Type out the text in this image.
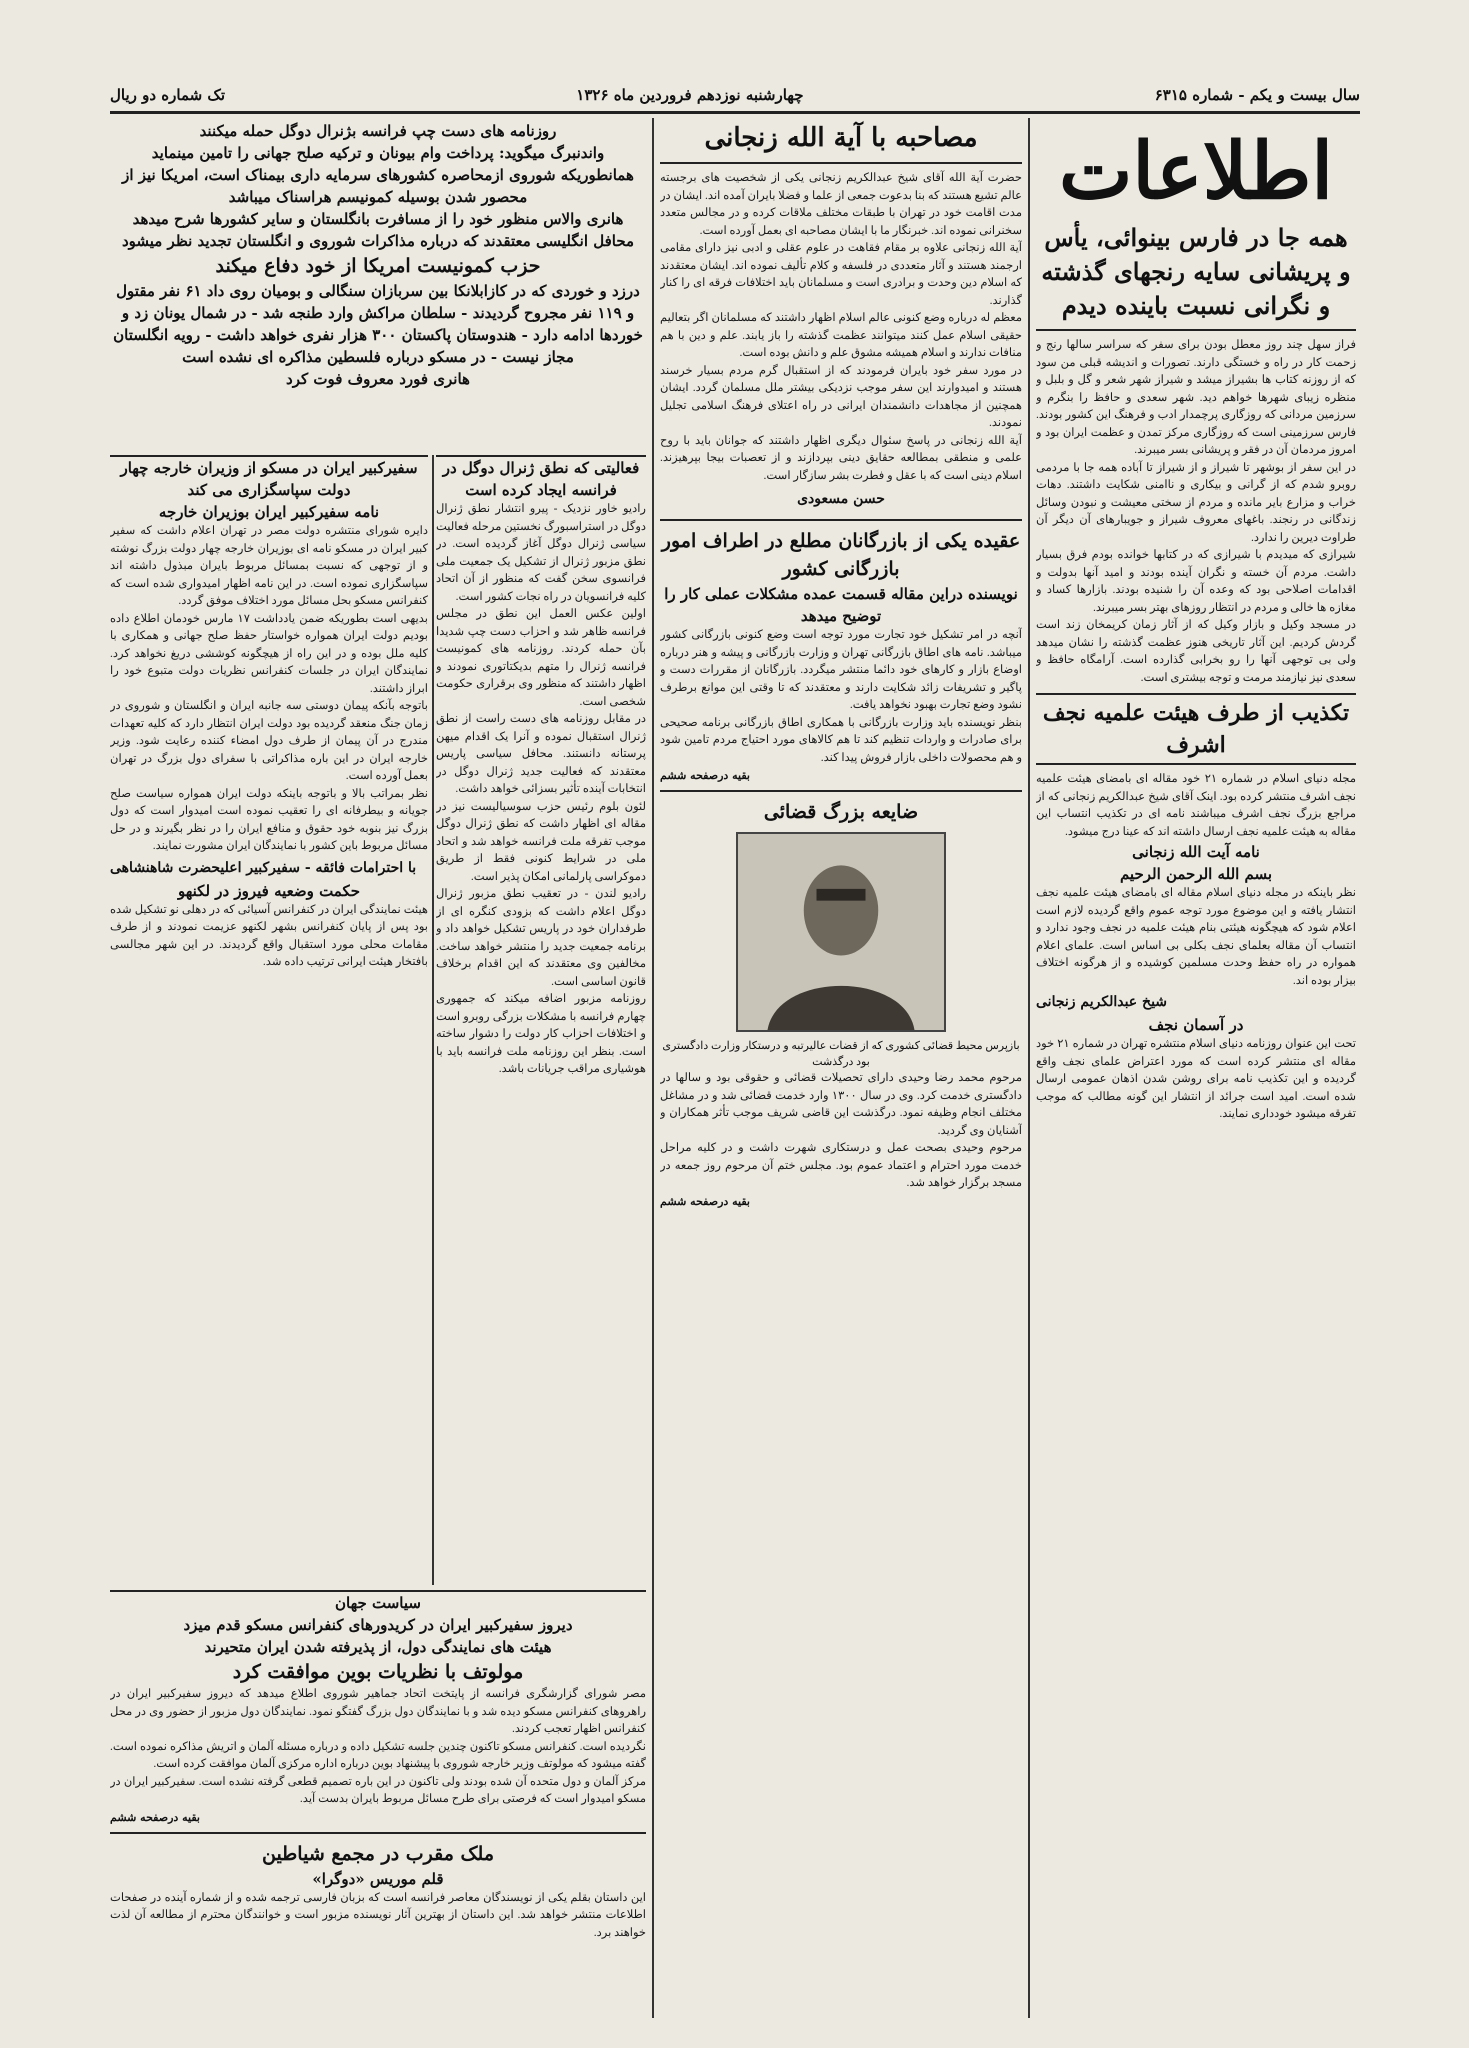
سال بیست و یکم - شماره ۶۳۱۵
چهارشنبه نوزدهم فروردین ماه ۱۳۲۶
تک شماره دو ریال
اطلاعات
همه جا در فارس بینوائی، یأس و پریشانی سایه رنجهای گذشته و نگرانی نسبت باینده دیدم

فراز سهل چند روز معطل بودن برای سفر که سراسر سالها رنج و زحمت کار در راه و خستگی دارند. تصورات و اندیشه قبلی من سود که از روزنه کتاب ها بشیراز میشد و شیراز شهر شعر و گل و بلبل و منظره زیبای شهرها خواهم دید. شهر سعدی و حافظ را بنگرم و سرزمین مردانی که روزگاری پرچمدار ادب و فرهنگ این کشور بودند. فارس سرزمینی است که روزگاری مرکز تمدن و عظمت ایران بود و امروز مردمان آن در فقر و پریشانی بسر میبرند.

در این سفر از بوشهر تا شیراز و از شیراز تا آباده همه جا با مردمی روبرو شدم که از گرانی و بیکاری و ناامنی شکایت داشتند. دهات خراب و مزارع بایر مانده و مردم از سختی معیشت و نبودن وسائل زندگانی در رنجند. باغهای معروف شیراز و جویبارهای آن دیگر آن طراوت دیرین را ندارد.

شیرازی که میدیدم با شیرازی که در کتابها خوانده بودم فرق بسیار داشت. مردم آن خسته و نگران آینده بودند و امید آنها بدولت و اقدامات اصلاحی بود که وعده آن را شنیده بودند. بازارها کساد و مغازه ها خالی و مردم در انتظار روزهای بهتر بسر میبرند.

در مسجد وکیل و بازار وکیل که از آثار زمان کریمخان زند است گردش کردیم. این آثار تاریخی هنوز عظمت گذشته را نشان میدهد ولی بی توجهی آنها را رو بخرابی گذارده است. آرامگاه حافظ و سعدی نیز نیازمند مرمت و توجه بیشتری است.

تکذیب از طرف هیئت علمیه نجف اشرف

مجله دنیای اسلام در شماره ۲۱ خود مقاله ای بامضای هیئت علمیه نجف اشرف منتشر کرده بود. اینک آقای شیخ عبدالکریم زنجانی که از مراجع بزرگ نجف اشرف میباشند نامه ای در تکذیب انتساب این مقاله به هیئت علمیه نجف ارسال داشته اند که عینا درج میشود.

نامه آیت الله زنجانی
بسم الله الرحمن الرحیم

نظر باینکه در مجله دنیای اسلام مقاله ای بامضای هیئت علمیه نجف انتشار یافته و این موضوع مورد توجه عموم واقع گردیده لازم است اعلام شود که هیچگونه هیئتی بنام هیئت علمیه در نجف وجود ندارد و انتساب آن مقاله بعلمای نجف بکلی بی اساس است. علمای اعلام همواره در راه حفظ وحدت مسلمین کوشیده و از هرگونه اختلاف بیزار بوده اند.

شیخ عبدالکریم زنجانی
در آسمان نجف

تحت این عنوان روزنامه دنیای اسلام منتشره تهران در شماره ۲۱ خود مقاله ای منتشر کرده است که مورد اعتراض علمای نجف واقع گردیده و این تکذیب نامه برای روشن شدن اذهان عمومی ارسال شده است. امید است جرائد از انتشار این گونه مطالب که موجب تفرقه میشود خودداری نمایند.

مصاحبه با آیة الله زنجانی

حضرت آیة الله آقای شیخ عبدالکریم زنجانی یکی از شخصیت های برجسته عالم تشیع هستند که بنا بدعوت جمعی از علما و فضلا بایران آمده اند. ایشان در مدت اقامت خود در تهران با طبقات مختلف ملاقات کرده و در مجالس متعدد سخنرانی نموده اند. خبرنگار ما با ایشان مصاحبه ای بعمل آورده است.

آیة الله زنجانی علاوه بر مقام فقاهت در علوم عقلی و ادبی نیز دارای مقامی ارجمند هستند و آثار متعددی در فلسفه و کلام تألیف نموده اند. ایشان معتقدند که اسلام دین وحدت و برادری است و مسلمانان باید اختلافات فرقه ای را کنار گذارند.

معظم له درباره وضع کنونی عالم اسلام اظهار داشتند که مسلمانان اگر بتعالیم حقیقی اسلام عمل کنند میتوانند عظمت گذشته را باز یابند. علم و دین با هم منافات ندارند و اسلام همیشه مشوق علم و دانش بوده است.

در مورد سفر خود بایران فرمودند که از استقبال گرم مردم بسیار خرسند هستند و امیدوارند این سفر موجب نزدیکی بیشتر ملل مسلمان گردد. ایشان همچنین از مجاهدات دانشمندان ایرانی در راه اعتلای فرهنگ اسلامی تجلیل نمودند.

آیة الله زنجانی در پاسخ سئوال دیگری اظهار داشتند که جوانان باید با روح علمی و منطقی بمطالعه حقایق دینی بپردازند و از تعصبات بیجا بپرهیزند. اسلام دینی است که با عقل و فطرت بشر سازگار است.

حسن مسعودی
عقیده یکی از بازرگانان مطلع در اطراف امور بازرگانی کشور
نویسنده دراین مقاله قسمت عمده مشکلات عملی کار را توضیح میدهد

آنچه در امر تشکیل خود تجارت مورد توجه است وضع کنونی بازرگانی کشور میباشد. نامه های اطاق بازرگانی تهران و وزارت بازرگانی و پیشه و هنر درباره اوضاع بازار و کارهای خود دائما منتشر میگردد. بازرگانان از مقررات دست و پاگیر و تشریفات زائد شکایت دارند و معتقدند که تا وقتی این موانع برطرف نشود وضع تجارت بهبود نخواهد یافت.

بنظر نویسنده باید وزارت بازرگانی با همکاری اطاق بازرگانی برنامه صحیحی برای صادرات و واردات تنظیم کند تا هم کالاهای مورد احتیاج مردم تامین شود و هم محصولات داخلی بازار فروش پیدا کند.

بقیه درصفحه ششم
ضایعه بزرگ قضائی
بازپرس محیط قضائی کشوری که از قضات عالیرتبه و درستکار وزارت دادگستری بود درگذشت

مرحوم محمد رضا وحیدی دارای تحصیلات قضائی و حقوقی بود و سالها در دادگستری خدمت کرد. وی در سال ۱۳۰۰ وارد خدمت قضائی شد و در مشاغل مختلف انجام وظیفه نمود. درگذشت این قاضی شریف موجب تأثر همکاران و آشنایان وی گردید.

مرحوم وحیدی بصحت عمل و درستکاری شهرت داشت و در کلیه مراحل خدمت مورد احترام و اعتماد عموم بود. مجلس ختم آن مرحوم روز جمعه در مسجد برگزار خواهد شد.

بقیه درصفحه ششم
روزنامه های دست چپ فرانسه بژنرال دوگل حمله میکنند
واندنبرگ میگوید: پرداخت وام بیونان و ترکیه صلح جهانی را تامین مینماید
همانطوریکه شوروی ازمحاصره کشورهای سرمایه داری بیمناک است، امریکا نیز از محصور شدن بوسیله کمونیسم هراسناک میباشد
هانری والاس منظور خود را از مسافرت بانگلستان و سایر کشورها شرح میدهد
محافل انگلیسی معتقدند که درباره مذاکرات شوروی و انگلستان تجدید نظر میشود
حزب کمونیست امریکا از خود دفاع میکند
درزد و خوردی که در کازابلانکا بین سربازان سنگالی و بومیان روی داد ۶۱ نفر مقتول و ۱۱۹ نفر مجروح گردیدند - سلطان مراکش وارد طنجه شد - در شمال یونان زد و خوردها ادامه دارد - هندوستان پاکستان ۳۰۰ هزار نفری خواهد داشت - رویه انگلستان مجاز نیست - در مسکو درباره فلسطین مذاکره ای نشده است
هانری فورد معروف فوت کرد
سفیرکبیر ایران در مسکو از وزیران خارجه چهار دولت سپاسگزاری می کند
نامه سفیرکبیر ایران بوزیران خارجه

دایره شورای منتشره دولت مصر در تهران اعلام داشت که سفیر کبیر ایران در مسکو نامه ای بوزیران خارجه چهار دولت بزرگ نوشته و از توجهی که نسبت بمسائل مربوط بایران مبذول داشته اند سپاسگزاری نموده است. در این نامه اظهار امیدواری شده است که کنفرانس مسکو بحل مسائل مورد اختلاف موفق گردد.

بدیهی است بطوریکه ضمن یادداشت ۱۷ مارس خودمان اطلاع داده بودیم دولت ایران همواره خواستار حفظ صلح جهانی و همکاری با کلیه ملل بوده و در این راه از هیچگونه کوششی دریغ نخواهد کرد. نمایندگان ایران در جلسات کنفرانس نظریات دولت متبوع خود را ابراز داشتند.

باتوجه بآنکه پیمان دوستی سه جانبه ایران و انگلستان و شوروی در زمان جنگ منعقد گردیده بود دولت ایران انتظار دارد که کلیه تعهدات مندرج در آن پیمان از طرف دول امضاء کننده رعایت شود. وزیر خارجه ایران در این باره مذاکراتی با سفرای دول بزرگ در تهران بعمل آورده است.

نظر بمراتب بالا و باتوجه باینکه دولت ایران همواره سیاست صلح جویانه و بیطرفانه ای را تعقیب نموده است امیدوار است که دول بزرگ نیز بنوبه خود حقوق و منافع ایران را در نظر بگیرند و در حل مسائل مربوط باین کشور با نمایندگان ایران مشورت نمایند.

با احترامات فائقه - سفیرکبیر اعلیحضرت شاهنشاهی
حکمت وضعیه فیروز در لکنهو

هیئت نمایندگی ایران در کنفرانس آسیائی که در دهلی نو تشکیل شده بود پس از پایان کنفرانس بشهر لکنهو عزیمت نمودند و از طرف مقامات محلی مورد استقبال واقع گردیدند. در این شهر مجالسی بافتخار هیئت ایرانی ترتیب داده شد.

فعالیتی که نطق ژنرال دوگل در فرانسه ایجاد کرده است

رادیو خاور نزدیک - پیرو انتشار نطق ژنرال دوگل در استراسبورگ نخستین مرحله فعالیت سیاسی ژنرال دوگل آغاز گردیده است. در نطق مزبور ژنرال از تشکیل یک جمعیت ملی فرانسوی سخن گفت که منظور از آن اتحاد کلیه فرانسویان در راه نجات کشور است.

اولین عکس العمل این نطق در مجلس فرانسه ظاهر شد و احزاب دست چپ شدیدا بآن حمله کردند. روزنامه های کمونیست فرانسه ژنرال را متهم بدیکتاتوری نمودند و اظهار داشتند که منظور وی برقراری حکومت شخصی است.

در مقابل روزنامه های دست راست از نطق ژنرال استقبال نموده و آنرا یک اقدام میهن پرستانه دانستند. محافل سیاسی پاریس معتقدند که فعالیت جدید ژنرال دوگل در انتخابات آینده تأثیر بسزائی خواهد داشت.

لئون بلوم رئیس حزب سوسیالیست نیز در مقاله ای اظهار داشت که نطق ژنرال دوگل موجب تفرقه ملت فرانسه خواهد شد و اتحاد ملی در شرایط کنونی فقط از طریق دموکراسی پارلمانی امکان پذیر است.

رادیو لندن - در تعقیب نطق مزبور ژنرال دوگل اعلام داشت که بزودی کنگره ای از طرفداران خود در پاریس تشکیل خواهد داد و برنامه جمعیت جدید را منتشر خواهد ساخت. مخالفین وی معتقدند که این اقدام برخلاف قانون اساسی است.

روزنامه مزبور اضافه میکند که جمهوری چهارم فرانسه با مشکلات بزرگی روبرو است و اختلافات احزاب کار دولت را دشوار ساخته است. بنظر این روزنامه ملت فرانسه باید با هوشیاری مراقب جریانات باشد.

سیاست جهان
دیروز سفیرکبیر ایران در کریدورهای کنفرانس مسکو قدم میزد
هیئت های نمایندگی دول، از پذیرفته شدن ایران متحیرند
مولوتف با نظریات بوین موافقت کرد

مصر شورای گزارشگری فرانسه از پایتخت اتحاد جماهیر شوروی اطلاع میدهد که دیروز سفیرکبیر ایران در راهروهای کنفرانس مسکو دیده شد و با نمایندگان دول بزرگ گفتگو نمود. نمایندگان دول مزبور از حضور وی در محل کنفرانس اظهار تعجب کردند.

نگردیده است. کنفرانس مسکو تاکنون چندین جلسه تشکیل داده و درباره مسئله آلمان و اتریش مذاکره نموده است. گفته میشود که مولوتف وزیر خارجه شوروی با پیشنهاد بوین درباره اداره مرکزی آلمان موافقت کرده است.

مرکز آلمان و دول متحده آن شده بودند ولی تاکنون در این باره تصمیم قطعی گرفته نشده است. سفیرکبیر ایران در مسکو امیدوار است که فرصتی برای طرح مسائل مربوط بایران بدست آید.

بقیه درصفحه ششم
ملک مقرب در مجمع شیاطین
قلم موریس «دوگرا»

این داستان بقلم یکی از نویسندگان معاصر فرانسه است که بزبان فارسی ترجمه شده و از شماره آینده در صفحات اطلاعات منتشر خواهد شد. این داستان از بهترین آثار نویسنده مزبور است و خوانندگان محترم از مطالعه آن لذت خواهند برد.
